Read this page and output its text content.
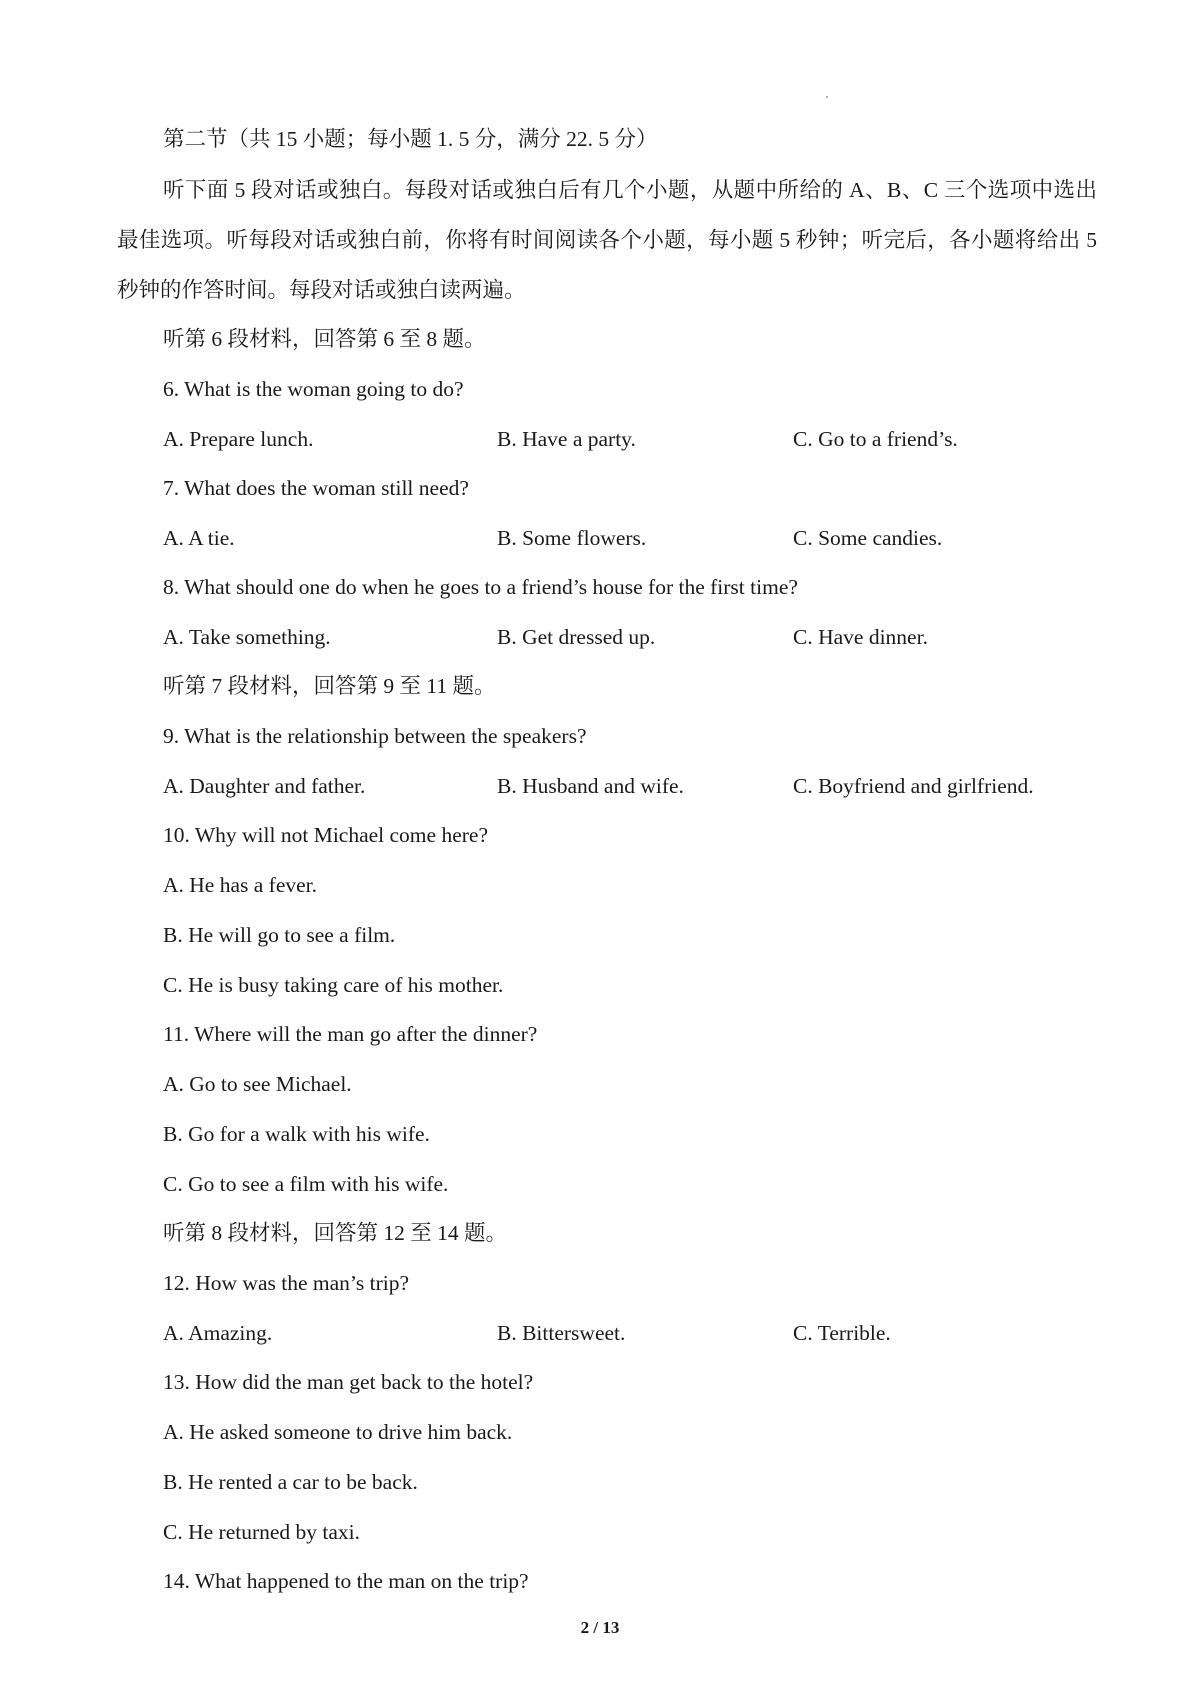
第二节（共 15 小题；每小题 1. 5 分，满分 22. 5 分）
听下面 5 段对话或独白。每段对话或独白后有几个小题，从题中所给的 A、B、C 三个选项中选出最佳选项。听每段对话或独白前，你将有时间阅读各个小题，每小题 5 秒钟；听完后，各小题将给出 5 秒钟的作答时间。每段对话或独白读两遍。
听第 6 段材料，回答第 6 至 8 题。
6. What is the woman going to do?
A. Prepare lunch.	B. Have a party.	C. Go to a friend’s.
7. What does the woman still need?
A. A tie.	B. Some flowers.	C. Some candies.
8. What should one do when he goes to a friend’s house for the first time?
A. Take something.	B. Get dressed up.	C. Have dinner.
听第 7 段材料，回答第 9 至 11 题。
9. What is the relationship between the speakers?
A. Daughter and father.	B. Husband and wife.	C. Boyfriend and girlfriend.
10. Why will not Michael come here?
A. He has a fever.
B. He will go to see a film.
C. He is busy taking care of his mother.
11. Where will the man go after the dinner?
A. Go to see Michael.
B. Go for a walk with his wife.
C. Go to see a film with his wife.
听第 8 段材料，回答第 12 至 14 题。
12. How was the man’s trip?
A. Amazing.	B. Bittersweet.	C. Terrible.
13. How did the man get back to the hotel?
A. He asked someone to drive him back.
B. He rented a car to be back.
C. He returned by taxi.
14. What happened to the man on the trip?
2 / 13
